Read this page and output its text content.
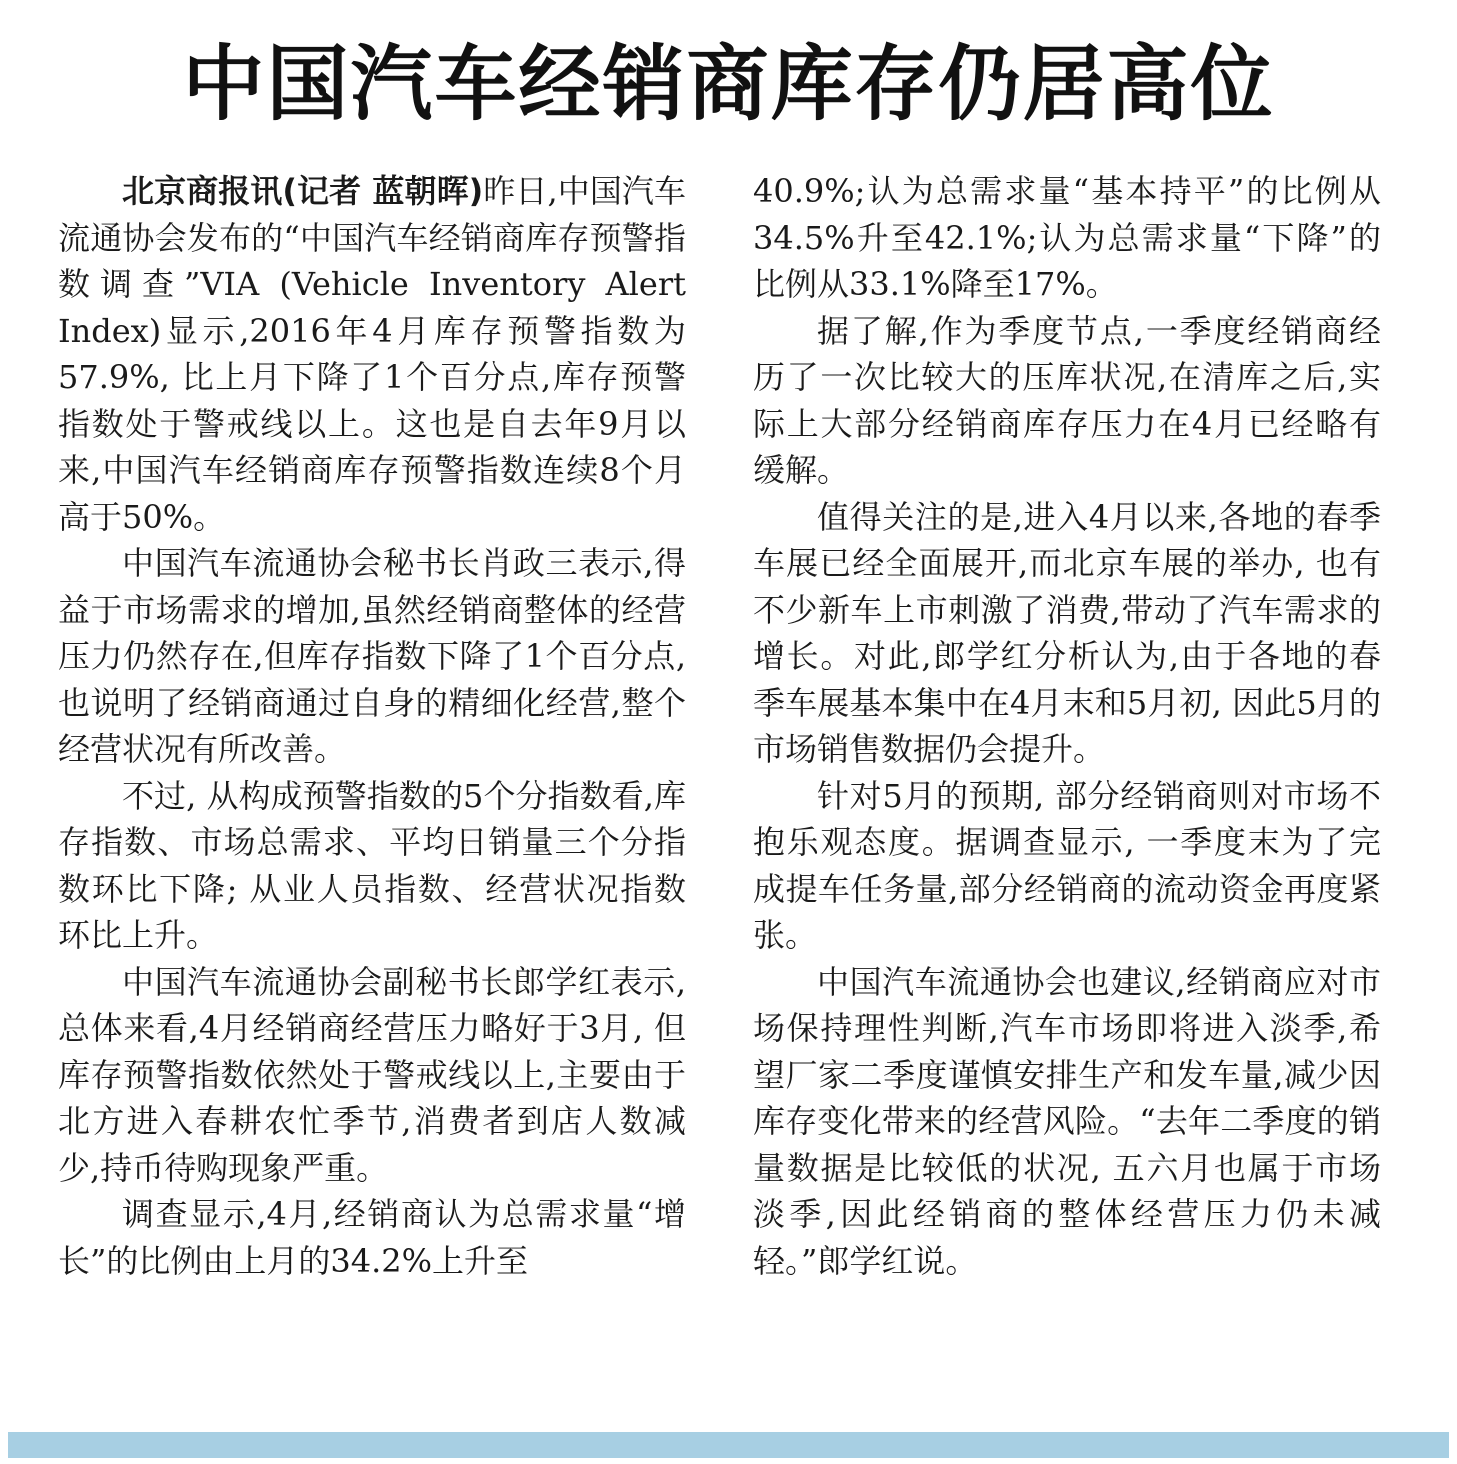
中国汽车经销商库存仍居高位

北京商报讯(记者 蓝朝晖)昨日,中国汽车流通协会发布的“中国汽车经销商库存预警指数调查”VIA (Vehicle Inventory Alert Index)显示,2016年4月库存预警指数为57.9%, 比上月下降了1个百分点,库存预警指数处于警戒线以上。这也是自去年9月以来,中国汽车经销商库存预警指数连续8个月高于50%。

中国汽车流通协会秘书长肖政三表示,得益于市场需求的增加,虽然经销商整体的经营压力仍然存在,但库存指数下降了1个百分点, 也说明了经销商通过自身的精细化经营,整个经营状况有所改善。

不过, 从构成预警指数的5个分指数看,库存指数、市场总需求、平均日销量三个分指数环比下降; 从业人员指数、经营状况指数环比上升。

中国汽车流通协会副秘书长郎学红表示,总体来看,4月经销商经营压力略好于3月, 但库存预警指数依然处于警戒线以上,主要由于北方进入春耕农忙季节,消费者到店人数减少,持币待购现象严重。

调查显示,4月,经销商认为总需求量“增长”的比例由上月的34.2%上升至

40.9%;认为总需求量“基本持平”的比例从34.5%升至42.1%;认为总需求量“下降”的比例从33.1%降至17%。

据了解,作为季度节点,一季度经销商经历了一次比较大的压库状况,在清库之后,实际上大部分经销商库存压力在4月已经略有缓解。

值得关注的是,进入4月以来,各地的春季车展已经全面展开,而北京车展的举办, 也有不少新车上市刺激了消费,带动了汽车需求的增长。对此,郎学红分析认为,由于各地的春季车展基本集中在4月末和5月初, 因此5月的市场销售数据仍会提升。

针对5月的预期, 部分经销商则对市场不抱乐观态度。据调查显示, 一季度末为了完成提车任务量,部分经销商的流动资金再度紧张。

中国汽车流通协会也建议,经销商应对市场保持理性判断,汽车市场即将进入淡季,希望厂家二季度谨慎安排生产和发车量,减少因库存变化带来的经营风险。“去年二季度的销量数据是比较低的状况, 五六月也属于市场淡季,因此经销商的整体经营压力仍未减轻。”郎学红说。
